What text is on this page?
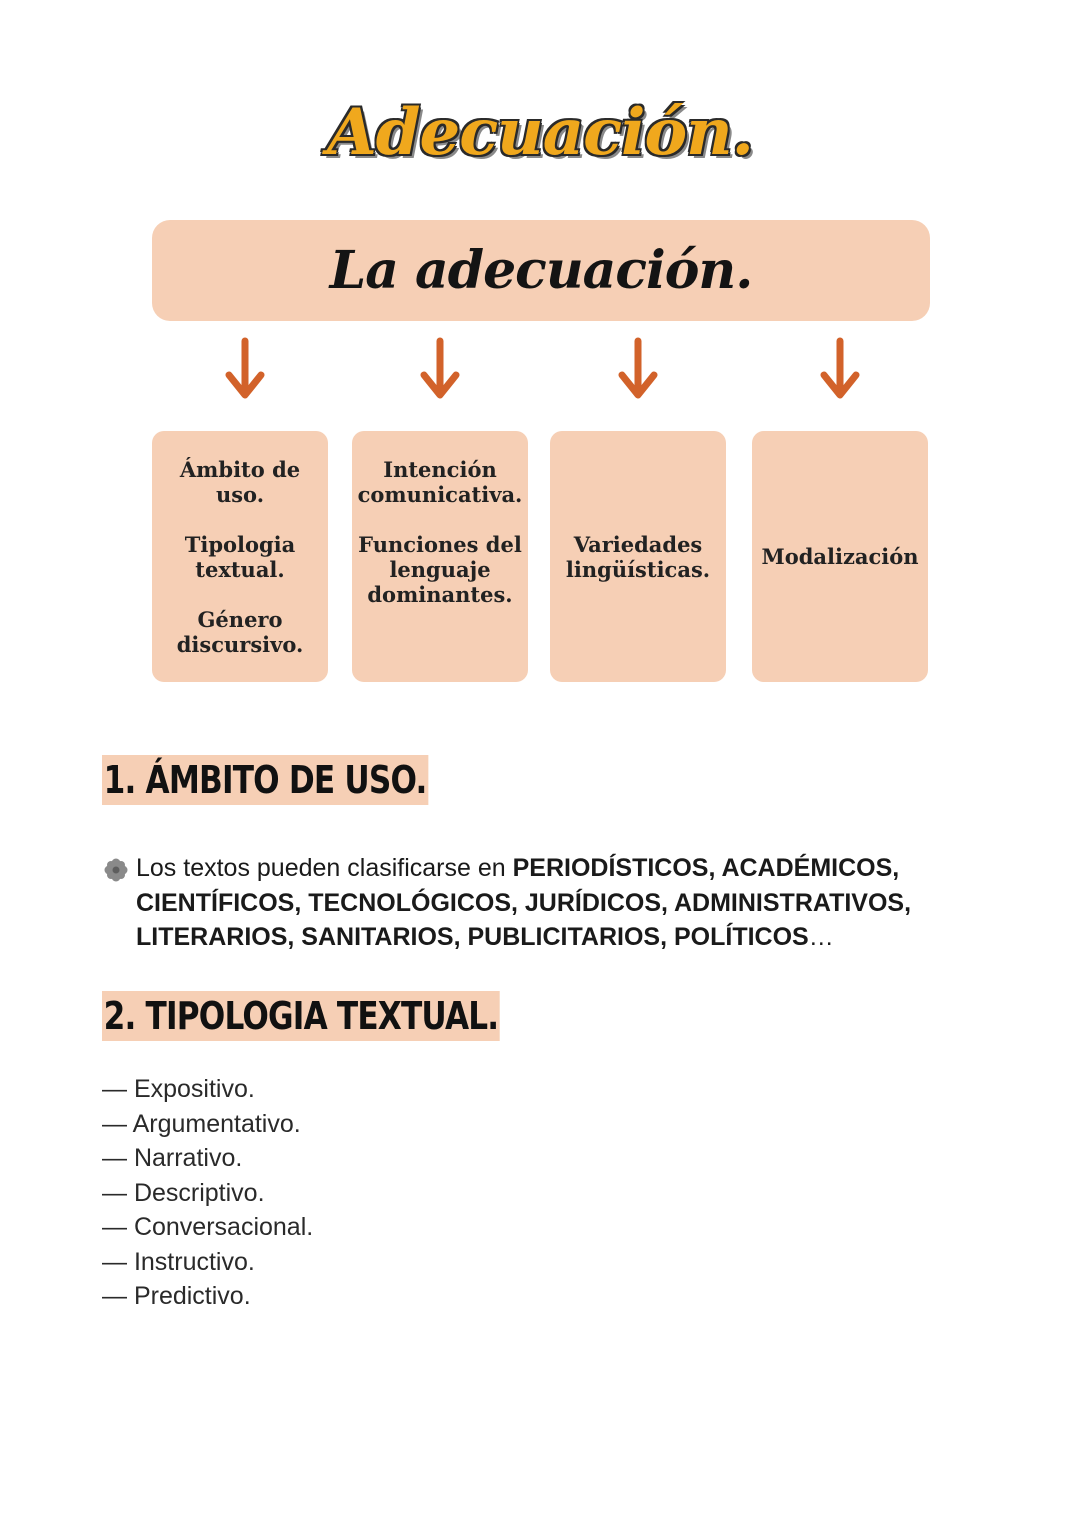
Adecuación.
La adecuación.
Ámbito de
uso.
Tipologia
textual.
Género
discursivo.
Intención
comunicativa.
Funciones del
lenguaje
dominantes.
Variedades
lingüísticas. Modalización
1. ÁMBITO DE USO.
Los textos pueden clasificarse en PERIODÍSTICOS, ACADÉMICOS, CIENTÍFICOS, TECNOLÓGICOS, JURÍDICOS, ADMINISTRATIVOS, LITERARIOS, SANITARIOS, PUBLICITARIOS, POLÍTICOS…
2. TIPOLOGIA TEXTUAL.
— Expositivo.
— Argumentativo.
— Narrativo.
— Descriptivo.
— Conversacional.
— Instructivo.
— Predictivo.
